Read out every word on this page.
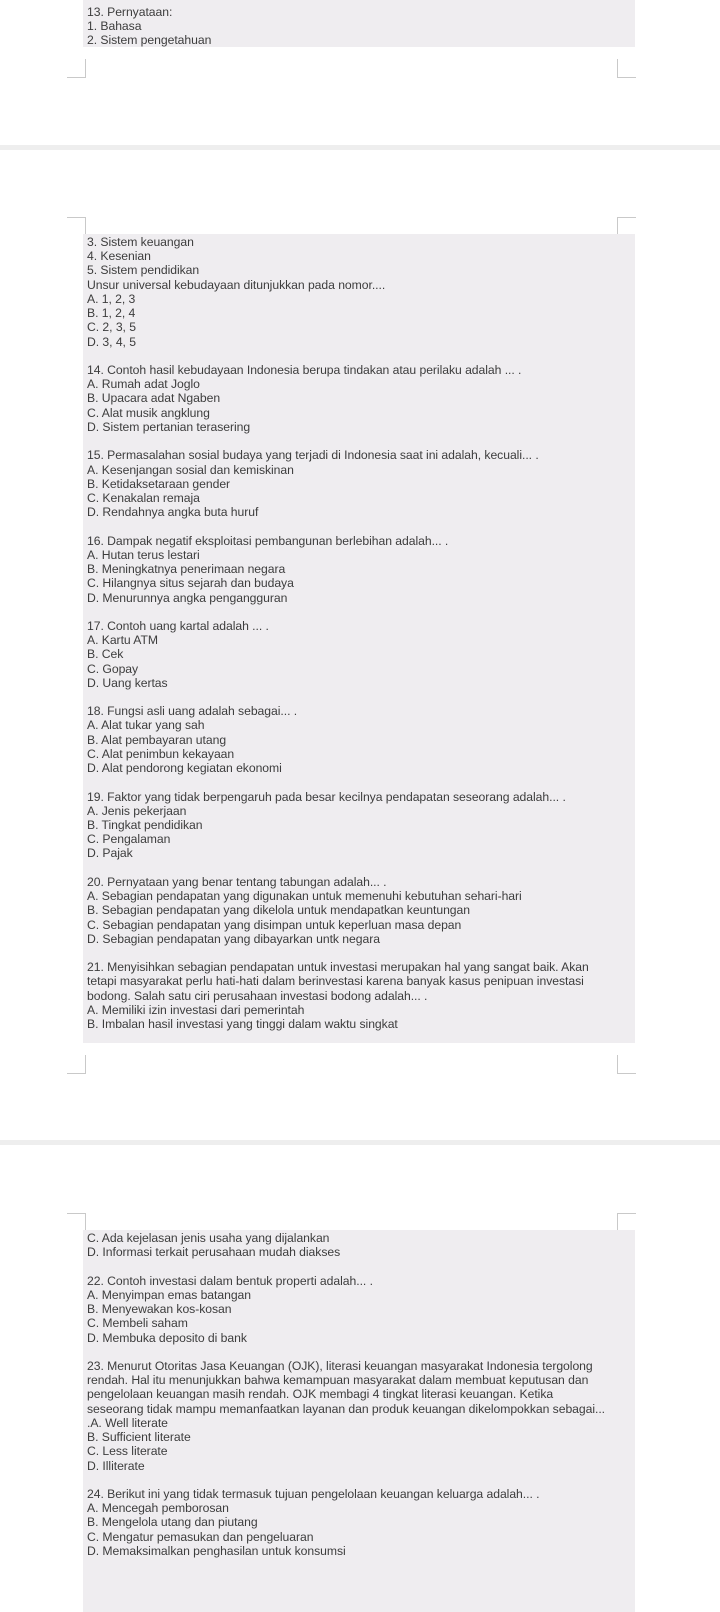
13. Pernyataan:
1. Bahasa
2. Sistem pengetahuan
3. Sistem keuangan
4. Kesenian
5. Sistem pendidikan
Unsur universal kebudayaan ditunjukkan pada nomor....
A. 1, 2, 3
B. 1, 2, 4
C. 2, 3, 5
D. 3, 4, 5
14. Contoh hasil kebudayaan Indonesia berupa tindakan atau perilaku adalah ... .
A. Rumah adat Joglo
B. Upacara adat Ngaben
C. Alat musik angklung
D. Sistem pertanian terasering
15. Permasalahan sosial budaya yang terjadi di Indonesia saat ini adalah, kecuali... .
A. Kesenjangan sosial dan kemiskinan
B. Ketidaksetaraan gender
C. Kenakalan remaja
D. Rendahnya angka buta huruf
16. Dampak negatif eksploitasi pembangunan berlebihan adalah... .
A. Hutan terus lestari
B. Meningkatnya penerimaan negara
C. Hilangnya situs sejarah dan budaya
D. Menurunnya angka pengangguran
17. Contoh uang kartal adalah ... .
A. Kartu ATM
B. Cek
C. Gopay
D. Uang kertas
18. Fungsi asli uang adalah sebagai... .
A. Alat tukar yang sah
B. Alat pembayaran utang
C. Alat penimbun kekayaan
D. Alat pendorong kegiatan ekonomi
19. Faktor yang tidak berpengaruh pada besar kecilnya pendapatan seseorang adalah... .
A. Jenis pekerjaan
B. Tingkat pendidikan
C. Pengalaman
D. Pajak
20. Pernyataan yang benar tentang tabungan adalah... .
A. Sebagian pendapatan yang digunakan untuk memenuhi kebutuhan sehari-hari
B. Sebagian pendapatan yang dikelola untuk mendapatkan keuntungan
C. Sebagian pendapatan yang disimpan untuk keperluan masa depan
D. Sebagian pendapatan yang dibayarkan untk negara
21. Menyisihkan sebagian pendapatan untuk investasi merupakan hal yang sangat baik. Akan
tetapi masyarakat perlu hati-hati dalam berinvestasi karena banyak kasus penipuan investasi
bodong. Salah satu ciri perusahaan investasi bodong adalah... .
A. Memiliki izin investasi dari pemerintah
B. Imbalan hasil investasi yang tinggi dalam waktu singkat
C. Ada kejelasan jenis usaha yang dijalankan
D. Informasi terkait perusahaan mudah diakses
22. Contoh investasi dalam bentuk properti adalah... .
A. Menyimpan emas batangan
B. Menyewakan kos-kosan
C. Membeli saham
D. Membuka deposito di bank
23. Menurut Otoritas Jasa Keuangan (OJK), literasi keuangan masyarakat Indonesia tergolong
rendah. Hal itu menunjukkan bahwa kemampuan masyarakat dalam membuat keputusan dan
pengelolaan keuangan masih rendah. OJK membagi 4 tingkat literasi keuangan. Ketika
seseorang tidak mampu memanfaatkan layanan dan produk keuangan dikelompokkan sebagai...
.A. Well literate
B. Sufficient literate
C. Less literate
D. Illiterate
24. Berikut ini yang tidak termasuk tujuan pengelolaan keuangan keluarga adalah... .
A. Mencegah pemborosan
B. Mengelola utang dan piutang
C. Mengatur pemasukan dan pengeluaran
D. Memaksimalkan penghasilan untuk konsumsi
